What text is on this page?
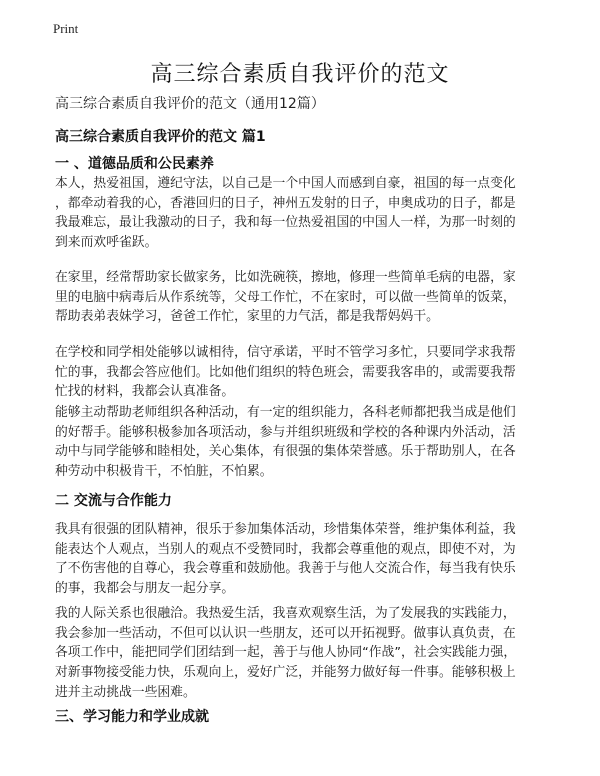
Print
高三综合素质自我评价的范文
高三综合素质自我评价的范文（通用12篇）
高三综合素质自我评价的范文 篇1
一 、道德品质和公民素养
本人，热爱祖国，遵纪守法，以自己是一个中国人而感到自豪，祖国的每一点变化
，都牵动着我的心，香港回归的日子，神州五发射的日子，申奥成功的日子，都是
我最难忘，最让我激动的日子，我和每一位热爱祖国的中国人一样，为那一时刻的
到来而欢呼雀跃。
在家里，经常帮助家长做家务，比如洗碗筷，擦地，修理一些简单毛病的电器，家
里的电脑中病毒后从作系统等，父母工作忙，不在家时，可以做一些简单的饭菜，
帮助表弟表妹学习，爸爸工作忙，家里的力气活，都是我帮妈妈干。
在学校和同学相处能够以诚相待，信守承诺，平时不管学习多忙，只要同学求我帮
忙的事，我都会答应他们。比如他们组织的特色班会，需要我客串的，或需要我帮
忙找的材料，我都会认真准备。
能够主动帮助老师组织各种活动，有一定的组织能力，各科老师都把我当成是他们
的好帮手。能够积极参加各项活动，参与并组织班级和学校的各种课内外活动，活
动中与同学能够和睦相处，关心集体，有很强的集体荣誉感。乐于帮助别人，在各
种劳动中积极肯干，不怕脏，不怕累。
二 交流与合作能力
我具有很强的团队精神，很乐于参加集体活动，珍惜集体荣誉，维护集体利益，我
能表达个人观点，当别人的观点不受赞同时，我都会尊重他的观点，即使不对，为
了不伤害他的自尊心，我会尊重和鼓励他。我善于与他人交流合作，每当我有快乐
的事，我都会与朋友一起分享。
我的人际关系也很融洽。我热爱生活，我喜欢观察生活，为了发展我的实践能力，
我会参加一些活动，不但可以认识一些朋友，还可以开拓视野。做事认真负责，在
各项工作中，能把同学们团结到一起，善于与他人协同“作战”，社会实践能力强，
对新事物接受能力快，乐观向上，爱好广泛，并能努力做好每一件事。能够积极上
进并主动挑战一些困难。
三、学习能力和学业成就
